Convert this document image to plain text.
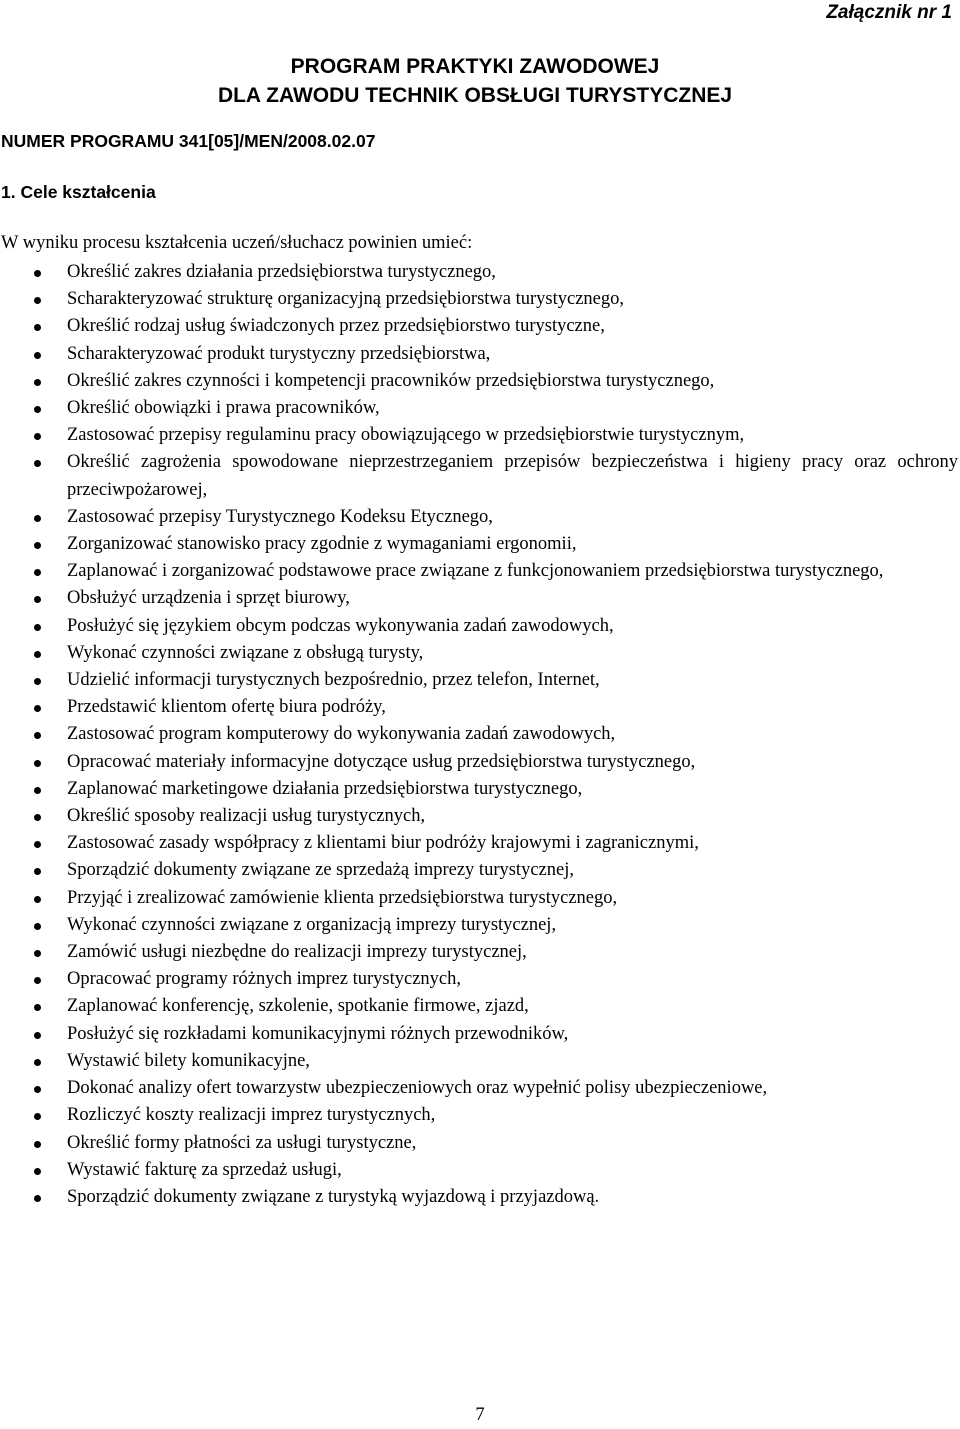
Załącznik nr 1
PROGRAM PRAKTYKI ZAWODOWEJ
DLA ZAWODU TECHNIK OBSŁUGI TURYSTYCZNEJ
NUMER PROGRAMU 341[05]/MEN/2008.02.07
1. Cele kształcenia
W wyniku procesu kształcenia uczeń/słuchacz powinien umieć:
Określić zakres działania przedsiębiorstwa turystycznego,
Scharakteryzować strukturę organizacyjną przedsiębiorstwa turystycznego,
Określić rodzaj usług świadczonych przez przedsiębiorstwo turystyczne,
Scharakteryzować produkt turystyczny przedsiębiorstwa,
Określić zakres czynności i kompetencji pracowników przedsiębiorstwa turystycznego,
Określić obowiązki i prawa pracowników,
Zastosować przepisy regulaminu pracy obowiązującego w przedsiębiorstwie turystycznym,
Określić zagrożenia spowodowane nieprzestrzeganiem przepisów bezpieczeństwa i higieny pracy oraz ochrony przeciwpożarowej,
Zastosować przepisy Turystycznego Kodeksu Etycznego,
Zorganizować stanowisko pracy zgodnie z wymaganiami ergonomii,
Zaplanować i zorganizować podstawowe prace związane z funkcjonowaniem przedsiębiorstwa turystycznego,
Obsłużyć urządzenia i sprzęt biurowy,
Posłużyć się językiem obcym podczas wykonywania zadań zawodowych,
Wykonać czynności związane z obsługą turysty,
Udzielić informacji turystycznych bezpośrednio, przez telefon, Internet,
Przedstawić klientom ofertę biura podróży,
Zastosować program komputerowy do wykonywania zadań zawodowych,
Opracować materiały informacyjne dotyczące usług przedsiębiorstwa turystycznego,
Zaplanować marketingowe działania przedsiębiorstwa turystycznego,
Określić sposoby realizacji usług turystycznych,
Zastosować zasady współpracy z klientami biur podróży krajowymi i zagranicznymi,
Sporządzić dokumenty związane ze sprzedażą imprezy turystycznej,
Przyjąć i zrealizować zamówienie klienta przedsiębiorstwa turystycznego,
Wykonać czynności związane z organizacją imprezy turystycznej,
Zamówić usługi niezbędne do realizacji imprezy turystycznej,
Opracować programy różnych imprez turystycznych,
Zaplanować konferencję, szkolenie, spotkanie firmowe, zjazd,
Posłużyć się rozkładami komunikacyjnymi różnych przewodników,
Wystawić bilety komunikacyjne,
Dokonać analizy ofert towarzystw ubezpieczeniowych oraz wypełnić polisy ubezpieczeniowe,
Rozliczyć koszty realizacji imprez turystycznych,
Określić formy płatności za usługi turystyczne,
Wystawić fakturę za sprzedaż usługi,
Sporządzić dokumenty związane z turystyką wyjazdową i przyjazdową.
7
